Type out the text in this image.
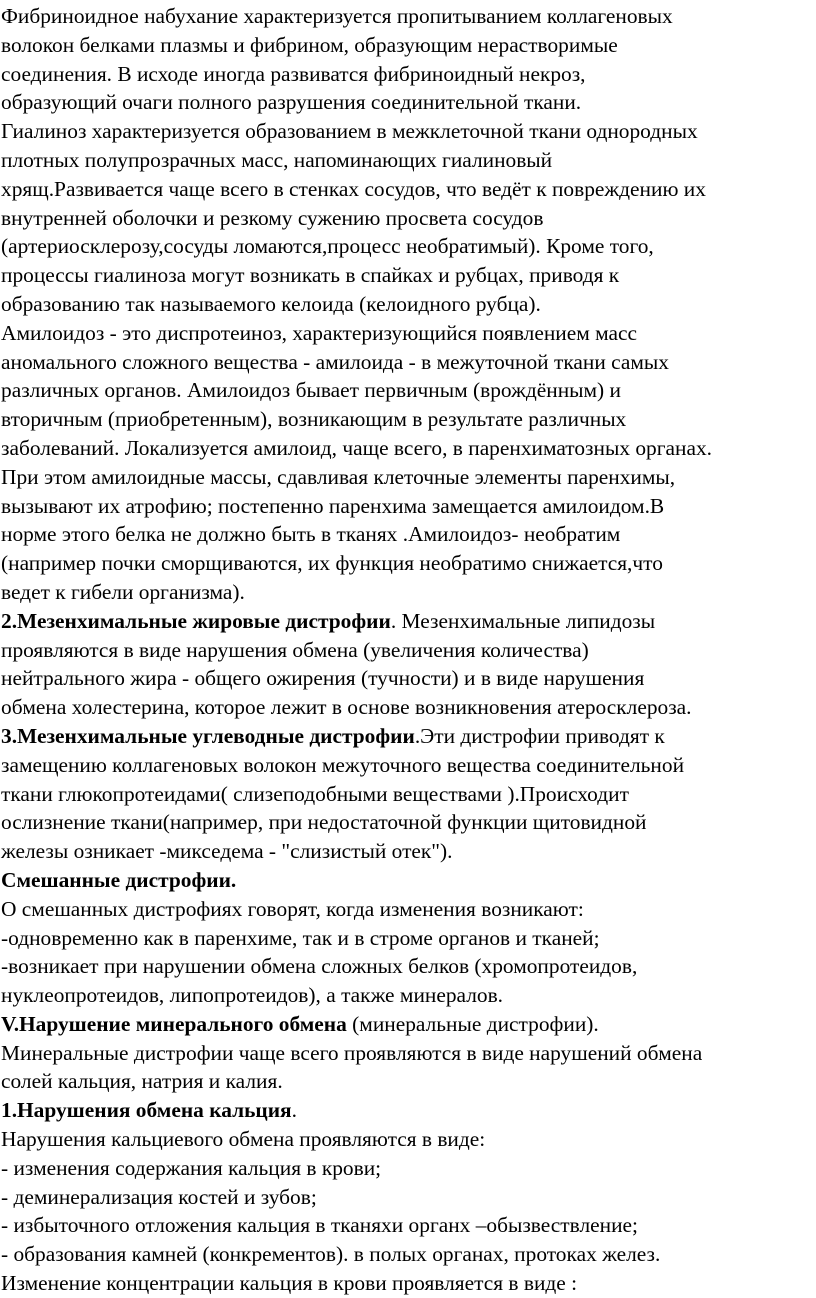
Фибриноидное набухание характеризуется пропитыванием коллагеновых
волокон белками плазмы и фибрином, образующим нерастворимые
соединения. В исходе иногда развиватся фибриноидный некроз,
образующий очаги полного разрушения соединительной ткани.
Гиалиноз характеризуется образованием в межклеточной ткани однородных
плотных полупрозрачных масс, напоминающих гиалиновый
хрящ.Развивается чаще всего в стенках сосудов, что ведёт к повреждению их
внутренней оболочки и резкому сужению просвета сосудов
(артериосклерозу,сосуды ломаются,процесс необратимый). Кроме того,
процессы гиалиноза могут возникать в спайках и рубцах, приводя к
образованию так называемого келоида (келоидного рубца).
Амилоидоз - это диспротеиноз, характеризующийся появлением масс
аномального сложного вещества - амилоида - в межуточной ткани самых
различных органов. Амилоидоз бывает первичным (врождённым) и
вторичным (приобретенным), возникающим в результате различных
заболеваний. Локализуется амилоид, чаще всего, в паренхиматозных органах.
При этом амилоидные массы, сдавливая клеточные элементы паренхимы,
вызывают их атрофию; постепенно паренхима замещается амилоидом.В
норме этого белка не должно быть в тканях .Амилоидоз- необратим
(например почки сморщиваются, их функция необратимо снижается,что
ведет к гибели организма).
2.Мезенхимальные жировые дистрофии. Мезенхимальные липидозы
проявляются в виде нарушения обмена (увеличения количества)
нейтрального жира - общего ожирения (тучности) и в виде нарушения
обмена холестерина, которое лежит в основе возникновения атеросклероза.
3.Мезенхимальные углеводные дистрофии.Эти дистрофии приводят к
замещению коллагеновых волокон межуточного вещества соединительной
ткани глюкопротеидами( слизеподобными веществами ).Происходит
ослизнение ткани(например, при недостаточной функции щитовидной
железы озникает -микседема - "слизистый отек").
Смешанные дистрофии.
О смешанных дистрофиях говорят, когда изменения возникают:
-одновременно как в паренхиме, так и в строме органов и тканей;
-возникает при нарушении обмена сложных белков (хромопротеидов,
нуклеопротеидов, липопротеидов), а также минералов.
V.Нарушение минерального обмена (минеральные дистрофии).
Минеральные дистрофии чаще всего проявляются в виде нарушений обмена
солей кальция, натрия и калия.
1.Нарушения обмена кальция.
Нарушения кальциевого обмена проявляются в виде:
- изменения содержания кальция в крови;
- деминерализация костей и зубов;
- избыточного отложения кальция в тканяхи органх –обызвествление;
- образования камней (конкрементов). в полых органах, протоках желез.
Изменение концентрации кальция в крови проявляется в виде :
